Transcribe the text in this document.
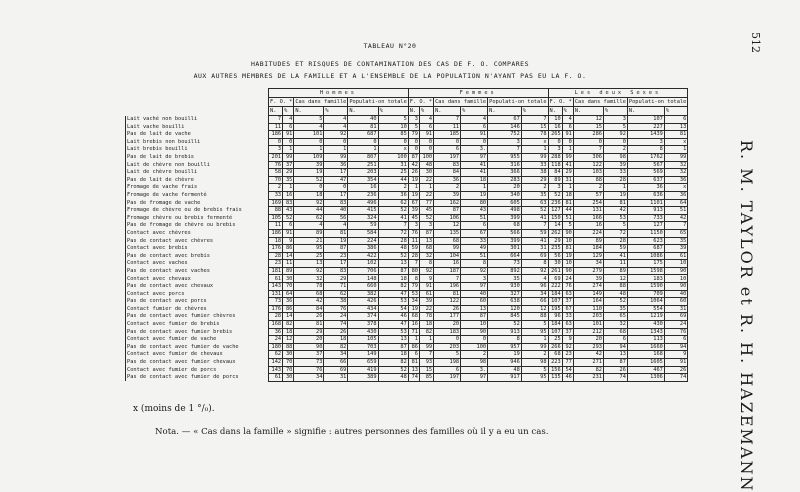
TABLEAU N°20
HABITUDES ET RISQUES DE CONTAMINATION DES CAS DE F. O. COMPARES
AUX AUTRES MEMBRES DE LA FAMILLE ET A L'ENSEMBLE DE LA POPULATION N'AYANT PAS EU LA F. O.
512
R. M. TAYLOR et R. H. HAZEMANN
	Hommes						Femmes						Les deux Sexes					
	F. O. *		Cas dans famille		Populati-on totale		F. O. *		Cas dans famille		Populati-on totale		F. O. *		Cas dans famille		Populati-on totale	
	N.	%	N.	%	N.	%	N.	%	N.	%	N.	%	N.	%	N.	%	N.	%
Lait vaché non bouilli	7	4	5	4	40	5	3	4	7	4	67	7	10	4	12	3	107	6
Lait vache bouilli	11	6	4	4	81	10	5	6	11	6	146	15	16	6	15	5	227	13
Pas de lait de vache	186	91	101	92	687	85	79	91	185	91	752	78	265	91	286	92	1439	81
Lait brebis non bouilli	0	0	0	0	0	0	0	0	0	0	3	x	0	0	0	0	3	x
Lait brebis bouilli	3	1	1	1	1	x	0	0	6	3.	7	1	3	1	7	2	8	1
Pas de lait de brebis	201	99	109	99	807	100	87	100	197	97	955	99	288	99	306	98	1762	99
Lait de chèvre non bouilli	76	37	39	36	251	31	42	48	83	41	316	33	118	41	122	39	567	32
Lait de chèvre bouilli	58	29	19	17	203	25	26	30	84	41	366	38	84	29	103	33	569	32
Pas de lait de chèvre	70	35	52	47	354	44	19	22	36	18	283	29	89	31	88	28	637	36
Fromage de vache frais	2	1	0	0	16	2	1	1	2	1	20	2	3	1	2	1	36	x
Fromage de vache fermenté	33	16	18	17	236	36	19	22	39	19	340	35	52	18	57	19	636	36
Pas de fromage de vache	169	83	92	83	496	62	67	77	162	80	605	63	236	81	254	81	1101	64
Fromage de chèvre ou de brebis frais	88	43	44	40	415	52	39	45	87	43	498	52	127	44	131	42	913	51
Fromage chèvre ou brebis fermenté	105	52	62	56	324	41	45	52	106	51	399	41	150	51	166	53	733	42
Pas de fromage de chèvre ou brebis	11	6	4	4	59	7	3	3	12	6	68	7	14	5	16	5	127	7
Contact avec chèvres	186	91	89	81	584	72	76	87	135	67	566	59	262	90	224	72	1150	65
Pas de contact avec chèvres	18	9	21	19	224	28	11	13	68	33	399	41	29	10	89	28	623	35
Contact avec brebis	176	86	95	87	386	48	59	68	99	49	301	31	235	81	184	59	687	39
Pas de contact avec brebis	28	14	25	23	422	52	28	32	104	51	664	69	56	19	129	41	1086	61
Contact avec vaches	23	11	13	17	102	13	7	8	16	8	73	8	30	10	34	11	175	10
Pas de contact avec vaches	181	89	92	83	706	87	80	92	187	92	892	92	261	90	279	89	1598	90
Contact avec chevaux	61	30	32	29	148	18	8	9	7	3	35	4	69	24	39	12	183	10
Pas de contact avec chevaux	143	70	78	71	660	82	79	91	196	97	930	96	222	76	274	88	1590	90
Contact avec porcs	131	64	68	62	382	47	53	61	81	40	327	34	184	63	149	48	709	40
Pas de contact avec porcs	73	36	42	38	426	53	34	39	122	60	638	66	107	37	164	52	1064	60
Contact fumier de chèvres	176	86	84	76	434	54	19	22	26	13	120	12	195	67	110	35	554	31
Pas de contact avec fumier chèvres	28	14	26	24	374	46	68	78	177	87	845	88	96	33	203	65	1219	69
Contact avec fumier de brebis	168	82	81	74	378	47	16	18	20	10	52	5	184	63	101	32	430	24
Pas de contact avec fumier brebis	36	18	29	26	430	53	71	82	183	90	913	95	107	37	212	68	1343	76
Contact avec fumier de vache	24	12	20	18	105	13	1	1	0	0	8	1	25	9	20	6	113	6
Pas de contact avec fumier de vache	180	88	90	82	703	87	86	99	203	100	957	99	266	92	293	94	1660	94
Contact avec fumier de chevaux	62	30	37	34	149	18	6	7	5	2	19	2	68	23	42	13	168	9
Pas de contact avec fumier chevaux	142	70	73	66	659	82	81	93	198	98	946	98	223	77	271	87	1605	91
Contact avec fumier de porcs	143	70	76	69	419	52	13	15	6	3.	48	5	156	54	82	26	467	26
Pas de contact avec fumier de porcs	61	30	34	31	389	48	74	85	197	97	917	95	135	46	231	74	1306	74
x (moins de 1 °/₀).
Nota. — « Cas dans la famille » signifie : autres personnes des familles où il y a eu un cas.
